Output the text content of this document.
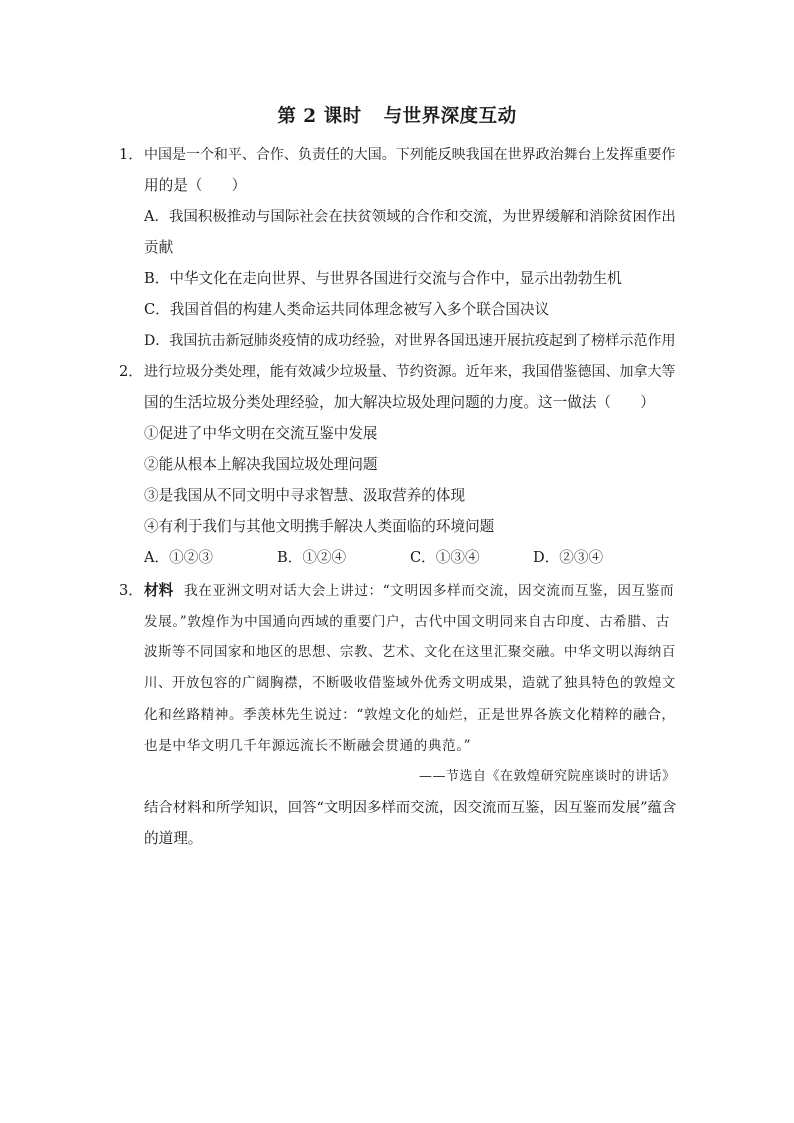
第 2 课时 与世界深度互动
1． 中国是一个和平、合作、负责任的大国。下列能反映我国在世界政治舞台上发挥重要作
用的是（　　）
A．我国积极推动与国际社会在扶贫领域的合作和交流，为世界缓解和消除贫困作出
贡献
B．中华文化在走向世界、与世界各国进行交流与合作中，显示出勃勃生机
C．我国首倡的构建人类命运共同体理念被写入多个联合国决议
D．我国抗击新冠肺炎疫情的成功经验，对世界各国迅速开展抗疫起到了榜样示范作用
2． 进行垃圾分类处理，能有效减少垃圾量、节约资源。近年来，我国借鉴德国、加拿大等
国的生活垃圾分类处理经验，加大解决垃圾处理问题的力度。这一做法（　　）
①促进了中华文明在交流互鉴中发展
②能从根本上解决我国垃圾处理问题
③是我国从不同文明中寻求智慧、汲取营养的体现
④有利于我们与其他文明携手解决人类面临的环境问题
A．①②③	B．①②④	C．①③④	D．②③④
3． 材料 我在亚洲文明对话大会上讲过：“文明因多样而交流，因交流而互鉴，因互鉴而
发展。”敦煌作为中国通向西域的重要门户，古代中国文明同来自古印度、古希腊、古
波斯等不同国家和地区的思想、宗教、艺术、文化在这里汇聚交融。中华文明以海纳百
川、开放包容的广阔胸襟，不断吸收借鉴域外优秀文明成果，造就了独具特色的敦煌文
化和丝路精神。季羡林先生说过：“敦煌文化的灿烂，正是世界各族文化精粹的融合，
也是中华文明几千年源远流长不断融会贯通的典范。”
——节选自《在敦煌研究院座谈时的讲话》
结合材料和所学知识，回答“文明因多样而交流，因交流而互鉴，因互鉴而发展”蕴含
的道理。
